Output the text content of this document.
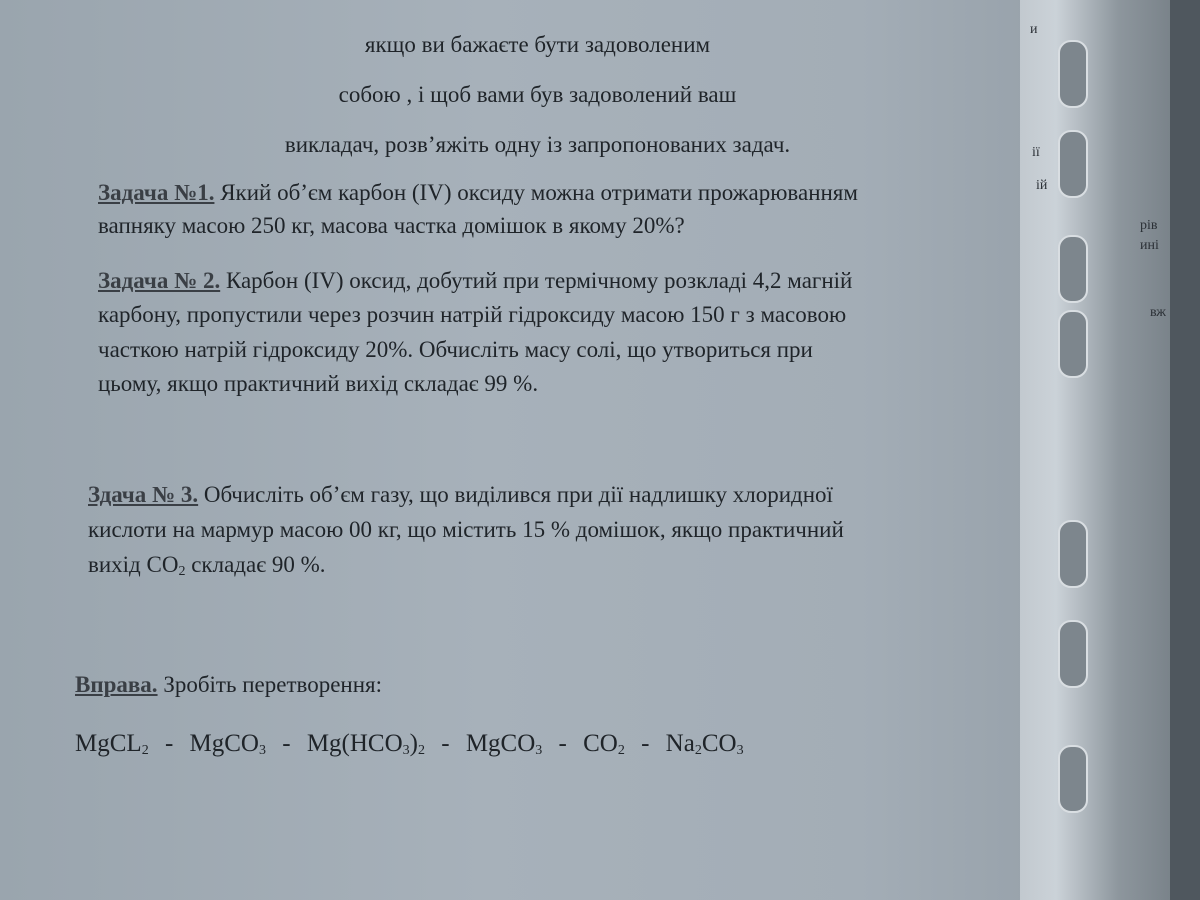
и
ії
ій
рів
ині
вж
якщо ви бажаєте бути задоволеним
собою , і щоб вами був задоволений ваш
викладач, розв’яжіть одну із запропонованих задач.
Задача №1. Який об’єм карбон (IV) оксиду можна отримати прожарюванням
вапняку масою 250 кг, масова частка домішок в якому 20%?
Задача № 2. Карбон (IV) оксид, добутий при термічному розкладі 4,2 магній
карбону, пропустили через розчин натрій гідроксиду масою 150 г з масовою
часткою натрій гідроксиду 20%. Обчисліть масу солі, що утвориться при
цьому, якщо практичний вихід складає 99 %.
Здача № 3. Обчисліть об’єм газу, що виділився при дії надлишку хлоридної
кислоти на мармур масою 00 кг, що містить 15 % домішок, якщо практичний
вихід $CO_2$ складає 90 %.
Вправа. Зробіть перетворення:
MgCL$_2$ - MgCO$_3$ - $Mg(HCO_3)_2$ - MgCO$_3$ - $CO_2 - Na_2CO_3$
